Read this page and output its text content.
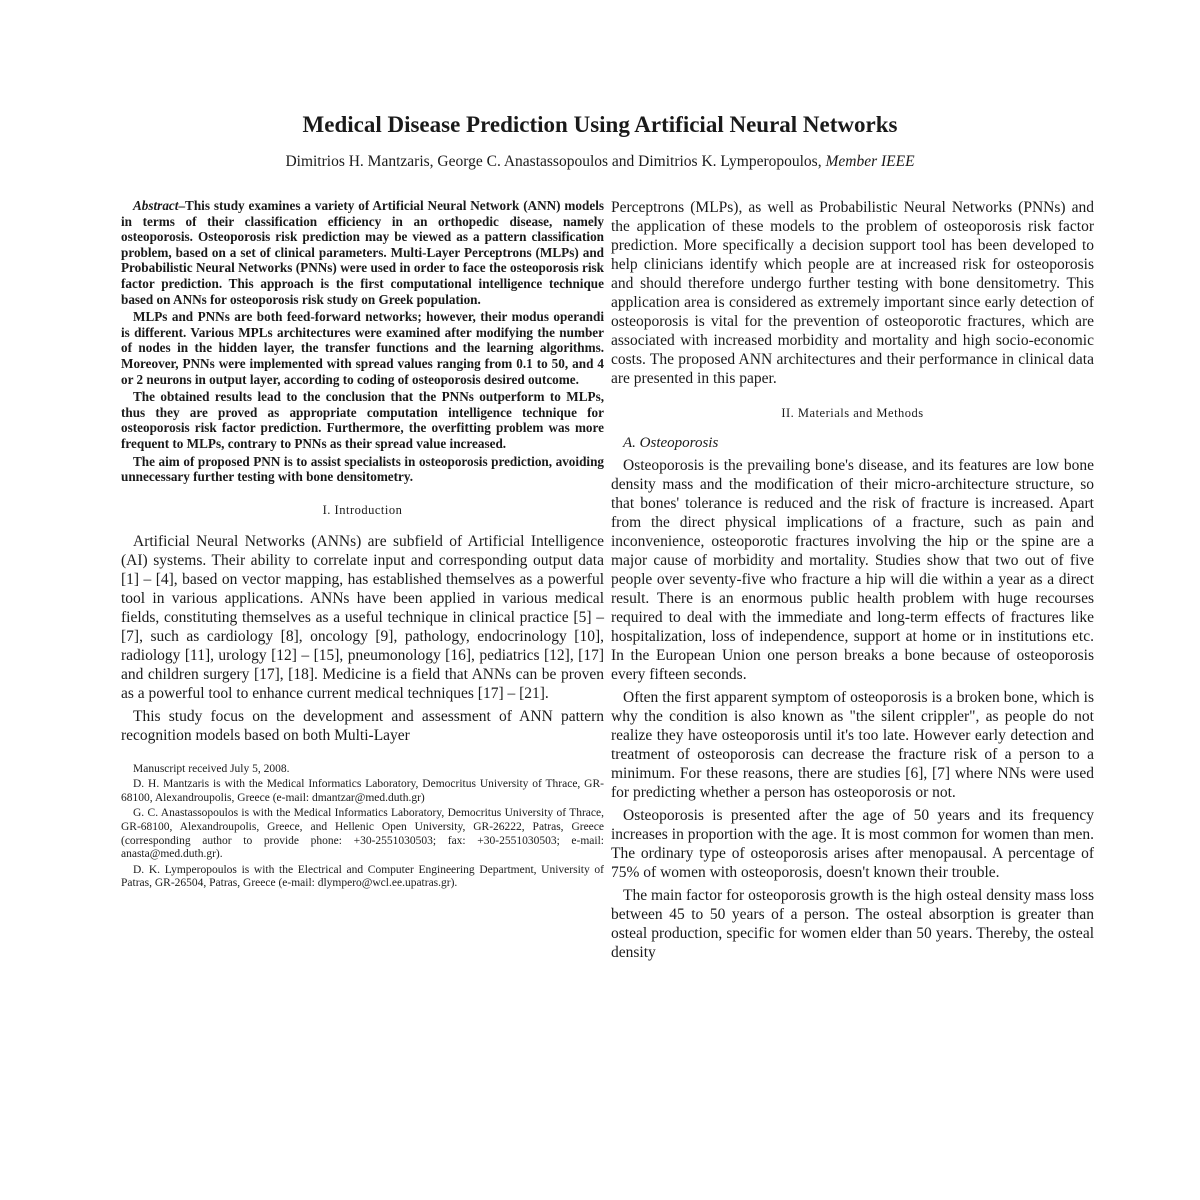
Medical Disease Prediction Using Artificial Neural Networks

Dimitrios H. Mantzaris, George C. Anastassopoulos and Dimitrios K. Lymperopoulos, Member IEEE

Abstract–This study examines a variety of Artificial Neural Network (ANN) models in terms of their classification efficiency in an orthopedic disease, namely osteoporosis. Osteoporosis risk prediction may be viewed as a pattern classification problem, based on a set of clinical parameters. Multi-Layer Perceptrons (MLPs) and Probabilistic Neural Networks (PNNs) were used in order to face the osteoporosis risk factor prediction. This approach is the first computational intelligence technique based on ANNs for osteoporosis risk study on Greek population.

MLPs and PNNs are both feed-forward networks; however, their modus operandi is different. Various MPLs architectures were examined after modifying the number of nodes in the hidden layer, the transfer functions and the learning algorithms. Moreover, PNNs were implemented with spread values ranging from 0.1 to 50, and 4 or 2 neurons in output layer, according to coding of osteoporosis desired outcome.

The obtained results lead to the conclusion that the PNNs outperform to MLPs, thus they are proved as appropriate computation intelligence technique for osteoporosis risk factor prediction. Furthermore, the overfitting problem was more frequent to MLPs, contrary to PNNs as their spread value increased.

The aim of proposed PNN is to assist specialists in osteoporosis prediction, avoiding unnecessary further testing with bone densitometry.

I. Introduction

Artificial Neural Networks (ANNs) are subfield of Artificial Intelligence (AI) systems. Their ability to correlate input and corresponding output data [1] – [4], based on vector mapping, has established themselves as a powerful tool in various applications. ANNs have been applied in various medical fields, constituting themselves as a useful technique in clinical practice [5] – [7], such as cardiology [8], oncology [9], pathology, endocrinology [10], radiology [11], urology [12] – [15], pneumonology [16], pediatrics [12], [17] and children surgery [17], [18]. Medicine is a field that ANNs can be proven as a powerful tool to enhance current medical techniques [17] – [21].

This study focus on the development and assessment of ANN pattern recognition models based on both Multi-Layer

Manuscript received July 5, 2008.

D. H. Mantzaris is with the Medical Informatics Laboratory, Democritus University of Thrace, GR-68100, Alexandroupolis, Greece (e-mail: dmantzar@med.duth.gr)

G. C. Anastassopoulos is with the Medical Informatics Laboratory, Democritus University of Thrace, GR-68100, Alexandroupolis, Greece, and Hellenic Open University, GR-26222, Patras, Greece (corresponding author to provide phone: +30-2551030503; fax: +30-2551030503; e-mail: anasta@med.duth.gr).

D. K. Lymperopoulos is with the Electrical and Computer Engineering Department, University of Patras, GR-26504, Patras, Greece (e-mail: dlympero@wcl.ee.upatras.gr).

Perceptrons (MLPs), as well as Probabilistic Neural Networks (PNNs) and the application of these models to the problem of osteoporosis risk factor prediction. More specifically a decision support tool has been developed to help clinicians identify which people are at increased risk for osteoporosis and should therefore undergo further testing with bone densitometry. This application area is considered as extremely important since early detection of osteoporosis is vital for the prevention of osteoporotic fractures, which are associated with increased morbidity and mortality and high socio-economic costs. The proposed ANN architectures and their performance in clinical data are presented in this paper.

II. Materials and Methods
A. Osteoporosis

Osteoporosis is the prevailing bone's disease, and its features are low bone density mass and the modification of their micro-architecture structure, so that bones' tolerance is reduced and the risk of fracture is increased. Apart from the direct physical implications of a fracture, such as pain and inconvenience, osteoporotic fractures involving the hip or the spine are a major cause of morbidity and mortality. Studies show that two out of five people over seventy-five who fracture a hip will die within a year as a direct result. There is an enormous public health problem with huge recourses required to deal with the immediate and long-term effects of fractures like hospitalization, loss of independence, support at home or in institutions etc. In the European Union one person breaks a bone because of osteoporosis every fifteen seconds.

Often the first apparent symptom of osteoporosis is a broken bone, which is why the condition is also known as "the silent crippler", as people do not realize they have osteoporosis until it's too late. However early detection and treatment of osteoporosis can decrease the fracture risk of a person to a minimum. For these reasons, there are studies [6], [7] where NNs were used for predicting whether a person has osteoporosis or not.

Osteoporosis is presented after the age of 50 years and its frequency increases in proportion with the age. It is most common for women than men. The ordinary type of osteoporosis arises after menopausal. A percentage of 75% of women with osteoporosis, doesn't known their trouble.

The main factor for osteoporosis growth is the high osteal density mass loss between 45 to 50 years of a person. The osteal absorption is greater than osteal production, specific for women elder than 50 years. Thereby, the osteal density
